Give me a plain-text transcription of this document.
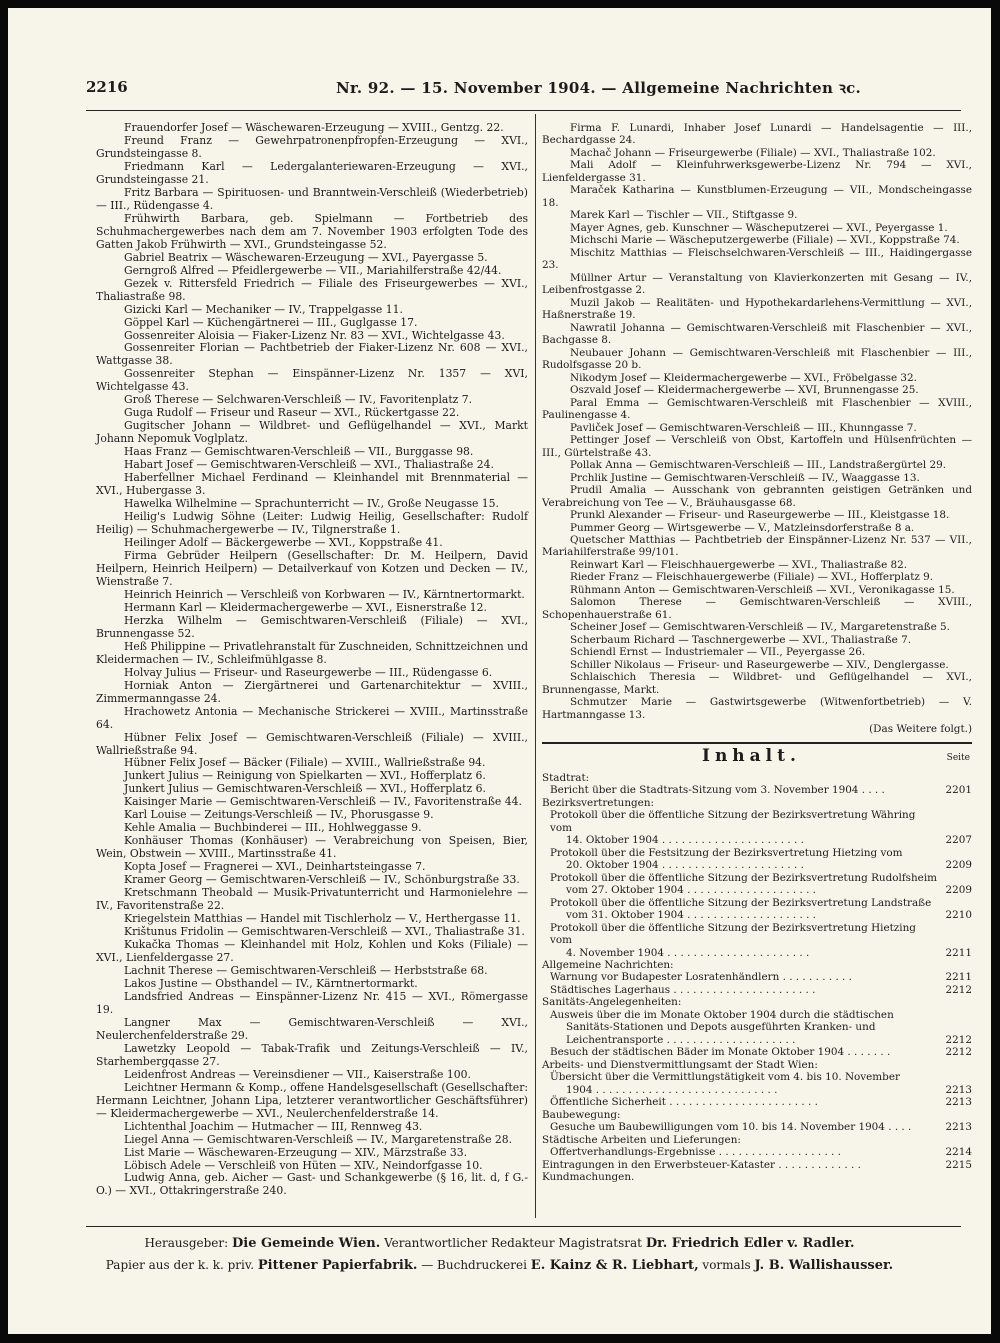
2216	Nr. 92. — 15. November 1904. — Allgemeine Nachrichten ꝛc.
Frauendorfer Josef — Wäschewaren-Erzeugung — XVIII., Gentzg. 22.
Freund Franz — Gewehrpatronenpfropfen-Erzeugung — XVI., Grundsteingasse 8.
Friedmann Karl — Ledergalanteriewaren-Erzeugung — XVI., Grundsteingasse 21.
Fritz Barbara — Spirituosen- und Branntwein-Verschleiß (Wiederbetrieb) — III., Rüdengasse 4.
Frühwirth Barbara, geb. Spielmann — Fortbetrieb des Schuhmachergewerbes nach dem am 7. November 1903 erfolgten Tode des Gatten Jakob Frühwirth — XVI., Grundsteingasse 52.
Gabriel Beatrix — Wäschewaren-Erzeugung — XVI., Payergasse 5.
Gerngroß Alfred — Pfeidlergewerbe — VII., Mariahilferstraße 42/44.
Gezek v. Rittersfeld Friedrich — Filiale des Friseurgewerbes — XVI., Thaliastraße 98.
Gizicki Karl — Mechaniker — IV., Trappelgasse 11.
Göppel Karl — Küchengärtnerei — III., Guglgasse 17.
Gossenreiter Aloisia — Fiaker-Lizenz Nr. 83 — XVI., Wichtelgasse 43.
Gossenreiter Florian — Pachtbetrieb der Fiaker-Lizenz Nr. 608 — XVI., Wattgasse 38.
Gossenreiter Stephan — Einspänner-Lizenz Nr. 1357 — XVI, Wichtelgasse 43.
Groß Therese — Selchwaren-Verschleiß — IV., Favoritenplatz 7.
Guga Rudolf — Friseur und Raseur — XVI., Rückertgasse 22.
Gugitscher Johann — Wildbret- und Geflügelhandel — XVI., Markt Johann Nepomuk Voglplatz.
Haas Franz — Gemischtwaren-Verschleiß — VII., Burggasse 98.
Habart Josef — Gemischtwaren-Verschleiß — XVI., Thaliastraße 24.
Haberfellner Michael Ferdinand — Kleinhandel mit Brennmaterial — XVI., Hubergasse 3.
Hawelka Wilhelmine — Sprachunterricht — IV., Große Neugasse 15.
Heilig's Ludwig Söhne (Leiter: Ludwig Heilig, Gesellschafter: Rudolf Heilig) — Schuhmachergewerbe — IV., Tilgnerstraße 1.
Heilinger Adolf — Bäckergewerbe — XVI., Koppstraße 41.
Firma Gebrüder Heilpern (Gesellschafter: Dr. M. Heilpern, David Heilpern, Heinrich Heilpern) — Detailverkauf von Kotzen und Decken — IV., Wienstraße 7.
Heinrich Heinrich — Verschleiß von Korbwaren — IV., Kärntnertormarkt.
Hermann Karl — Kleidermachergewerbe — XVI., Eisnerstraße 12.
Herzka Wilhelm — Gemischtwaren-Verschleiß (Filiale) — XVI., Brunnengasse 52.
Heß Philippine — Privatlehranstalt für Zuschneiden, Schnittzeichnen und Kleidermachen — IV., Schleifmühlgasse 8.
Holvay Julius — Friseur- und Raseurgewerbe — III., Rüdengasse 6.
Horniak Anton — Ziergärtnerei und Gartenarchitektur — XVIII., Zimmermanngasse 24.
Hrachowetz Antonia — Mechanische Strickerei — XVIII., Martinsstraße 64.
Hübner Felix Josef — Gemischtwaren-Verschleiß (Filiale) — XVIII., Wallrießstraße 94.
Hübner Felix Josef — Bäcker (Filiale) — XVIII., Wallrießstraße 94.
Junkert Julius — Reinigung von Spielkarten — XVI., Hofferplatz 6.
Junkert Julius — Gemischtwaren-Verschleiß — XVI., Hofferplatz 6.
Kaisinger Marie — Gemischtwaren-Verschleiß — IV., Favoritenstraße 44.
Karl Louise — Zeitungs-Verschleiß — IV., Phorusgasse 9.
Kehle Amalia — Buchbinderei — III., Hohlweggasse 9.
Konhäuser Thomas (Konhäuser) — Verabreichung von Speisen, Bier, Wein, Obstwein — XVIII., Martinsstraße 41.
Kopta Josef — Fragnerei — XVI., Deinhartsteingasse 7.
Kramer Georg — Gemischtwaren-Verschleiß — IV., Schönburgstraße 33.
Kretschmann Theobald — Musik-Privatunterricht und Harmonielehre — IV., Favoritenstraße 22.
Kriegelstein Matthias — Handel mit Tischlerholz — V., Herthergasse 11.
Krištunus Fridolin — Gemischtwaren-Verschleiß — XVI., Thaliastraße 31.
Kukačka Thomas — Kleinhandel mit Holz, Kohlen und Koks (Filiale) — XVI., Lienfeldergasse 27.
Lachnit Therese — Gemischtwaren-Verschleiß — Herbststraße 68.
Lakos Justine — Obsthandel — IV., Kärntnertormarkt.
Landsfried Andreas — Einspänner-Lizenz Nr. 415 — XVI., Römergasse 19.
Langner Max — Gemischtwaren-Verschleiß — XVI., Neulerchenfelderstraße 29.
Lawetzky Leopold — Tabak-Trafik und Zeitungs-Verschleiß — IV., Starhembergqasse 27.
Leidenfrost Andreas — Vereinsdiener — VII., Kaiserstraße 100.
Leichtner Hermann & Komp., offene Handelsgesellschaft (Gesellschafter: Hermann Leichtner, Johann Lipa, letzterer verantwortlicher Geschäftsführer) — Kleidermachergewerbe — XVI., Neulerchenfelderstraße 14.
Lichtenthal Joachim — Hutmacher — III, Rennweg 43.
Liegel Anna — Gemischtwaren-Verschleiß — IV., Margaretenstraße 28.
List Marie — Wäschewaren-Erzeugung — XIV., Märzstraße 33.
Löbisch Adele — Verschleiß von Hüten — XIV., Neindorfgasse 10.
Ludwig Anna, geb. Aicher — Gast- und Schankgewerbe (§ 16, lit. d, f G.-O.) — XVI., Ottakringerstraße 240.
Firma F. Lunardi, Inhaber Josef Lunardi — Handelsagentie — III., Bechardgasse 24.
Machač Johann — Friseurgewerbe (Filiale) — XVI., Thaliastraße 102.
Mali Adolf — Kleinfuhrwerksgewerbe-Lizenz Nr. 794 — XVI., Lienfeldergasse 31.
Maraček Katharina — Kunstblumen-Erzeugung — VII., Mondscheingasse 18.
Marek Karl — Tischler — VII., Stiftgasse 9.
Mayer Agnes, geb. Kunschner — Wäscheputzerei — XVI., Peyergasse 1.
Michschi Marie — Wäscheputzergewerbe (Filiale) — XVI., Koppstraße 74.
Mischitz Matthias — Fleischselchwaren-Verschleiß — III., Haidingergasse 23.
Müllner Artur — Veranstaltung von Klavierkonzerten mit Gesang — IV., Leibenfrostgasse 2.
Muzil Jakob — Realitäten- und Hypothekardarlehens-Vermittlung — XVI., Haßnerstraße 19.
Nawratil Johanna — Gemischtwaren-Verschleiß mit Flaschenbier — XVI., Bachgasse 8.
Neubauer Johann — Gemischtwaren-Verschleiß mit Flaschenbier — III., Rudolfsgasse 20 b.
Nikodym Josef — Kleidermachergewerbe — XVI., Fröbelgasse 32.
Oszvald Josef — Kleidermachergewerbe — XVI, Brunnengasse 25.
Paral Emma — Gemischtwaren-Verschleiß mit Flaschenbier — XVIII., Paulinengasse 4.
Pavliček Josef — Gemischtwaren-Verschleiß — III., Khunngasse 7.
Pettinger Josef — Verschleiß von Obst, Kartoffeln und Hülsenfrüchten — III., Gürtelstraße 43.
Pollak Anna — Gemischtwaren-Verschleiß — III., Landstraßergürtel 29.
Prchlik Justine — Gemischtwaren-Verschleiß — IV., Waaggasse 13.
Prudil Amalia — Ausschank von gebrannten geistigen Getränken und Verabreichung von Tee — V., Bräuhausgasse 68.
Prunkl Alexander — Friseur- und Raseurgewerbe — III., Kleistgasse 18.
Pummer Georg — Wirtsgewerbe — V., Matzleinsdorferstraße 8 a.
Quetscher Matthias — Pachtbetrieb der Einspänner-Lizenz Nr. 537 — VII., Mariahilferstraße 99/101.
Reinwart Karl — Fleischhauergewerbe — XVI., Thaliastraße 82.
Rieder Franz — Fleischhauergewerbe (Filiale) — XVI., Hofferplatz 9.
Rühmann Anton — Gemischtwaren-Verschleiß — XVI., Veronikagasse 15.
Salomon Therese — Gemischtwaren-Verschleiß — XVIII., Schopenhauerstraße 61.
Scheiner Josef — Gemischtwaren-Verschleiß — IV., Margaretenstraße 5.
Scherbaum Richard — Taschnergewerbe — XVI., Thaliastraße 7.
Schiendl Ernst — Industriemaler — VII., Peyergasse 26.
Schiller Nikolaus — Friseur- und Raseurgewerbe — XIV., Denglergasse.
Schlaischich Theresia — Wildbret- und Geflügelhandel — XVI., Brunnengasse, Markt.
Schmutzer Marie — Gastwirtsgewerbe (Witwenfortbetrieb) — V. Hartmanngasse 13.
(Das Weitere folgt.)
Inhalt.	Seite
Stadtrat:
Bericht über die Stadtrats-Sitzung vom 3. November 1904 . . . .	2201
Bezirksvertretungen:
Protokoll über die öffentliche Sitzung der Bezirksvertretung Währing vom
14. Oktober 1904 . . . . . . . . . . . . . . . . . . . . . .	2207
Protokoll über die Festsitzung der Bezirksvertretung Hietzing vom
20. Oktober 1904 . . . . . . . . . . . . . . . . . . . . . .	2209
Protokoll über die öffentliche Sitzung der Bezirksvertretung Rudolfsheim
vom 27. Oktober 1904 . . . . . . . . . . . . . . . . . . . .	2209
Protokoll über die öffentliche Sitzung der Bezirksvertretung Landstraße
vom 31. Oktober 1904 . . . . . . . . . . . . . . . . . . . .	2210
Protokoll über die öffentliche Sitzung der Bezirksvertretung Hietzing vom
4. November 1904 . . . . . . . . . . . . . . . . . . . . . .	2211
Allgemeine Nachrichten:
Warnung vor Budapester Losratenhändlern . . . . . . . . . . .	2211
Städtisches Lagerhaus . . . . . . . . . . . . . . . . . . . . . .	2212
Sanitäts-Angelegenheiten:
Ausweis über die im Monate Oktober 1904 durch die städtischen
Sanitäts-Stationen und Depots ausgeführten Kranken- und Leichentransporte . . . . . . . . . . . . . . . . . . . .	2212
Besuch der städtischen Bäder im Monate Oktober 1904 . . . . . . .	2212
Arbeits- und Dienstvermittlungsamt der Stadt Wien:
Übersicht über die Vermittlungstätigkeit vom 4. bis 10. November
1904 . . . . . . . . . . . . . . . . . . . . . . . . . . . .	2213
Öffentliche Sicherheit . . . . . . . . . . . . . . . . . . . . . . .	2213
Baubewegung:
Gesuche um Baubewilligungen vom 10. bis 14. November 1904 . . . .	2213
Städtische Arbeiten und Lieferungen:
Offertverhandlungs-Ergebnisse . . . . . . . . . . . . . . . . . . .	2214
Eintragungen in den Erwerbsteuer-Kataster . . . . . . . . . . . . .	2215
Kundmachungen.
Herausgeber: Die Gemeinde Wien. Verantwortlicher Redakteur Magistratsrat Dr. Friedrich Edler v. Radler.
Papier aus der k. k. priv. Pittener Papierfabrik. — Buchdruckerei E. Kainz & R. Liebhart, vormals J. B. Wallishausser.
